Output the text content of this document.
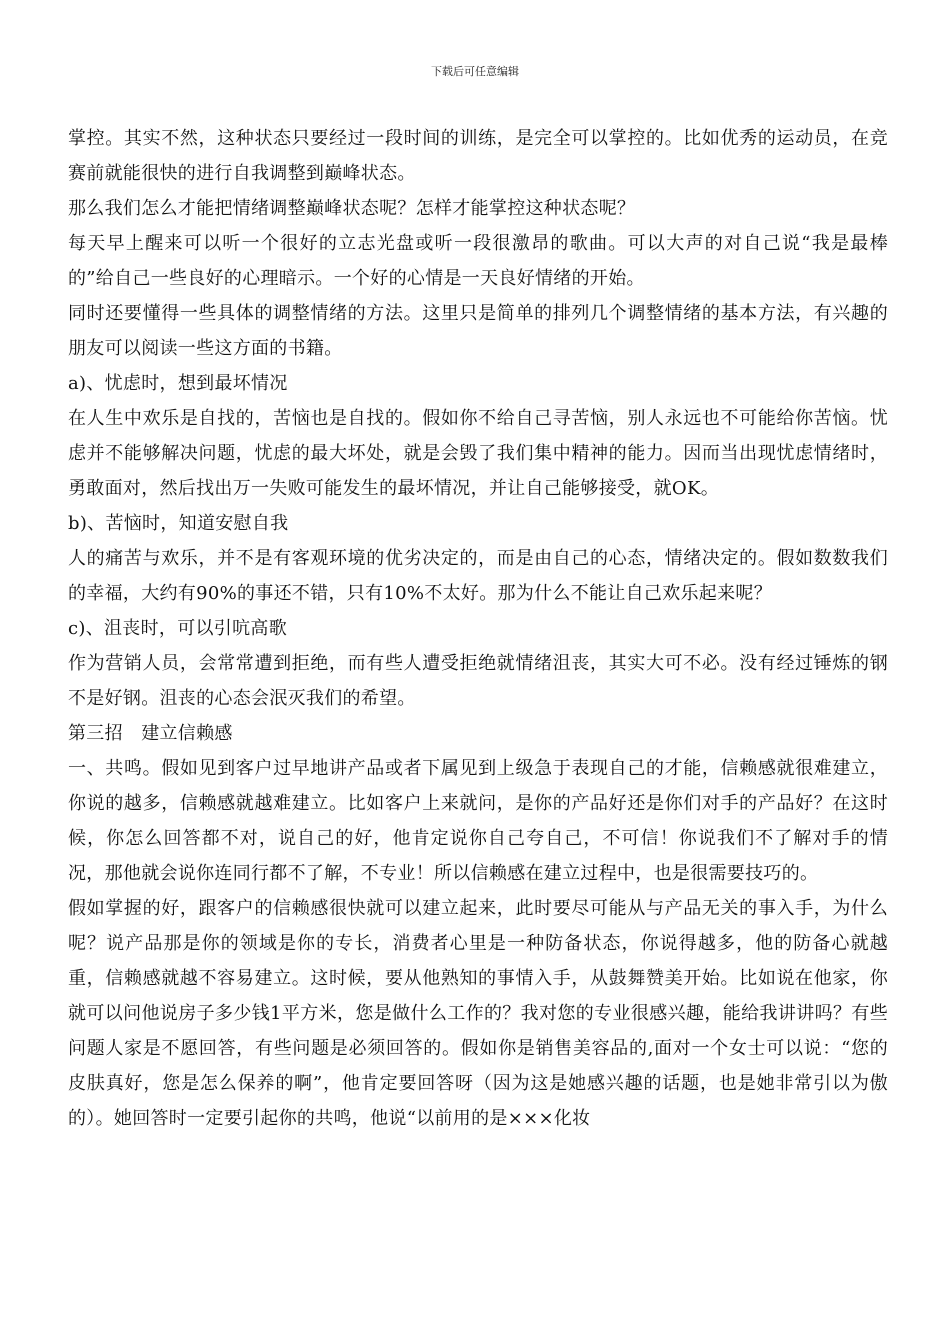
下载后可任意编辑

掌控。其实不然，这种状态只要经过一段时间的训练，是完全可以掌控的。比如优秀的运动员，在竞赛前就能很快的进行自我调整到巅峰状态。

那么我们怎么才能把情绪调整巅峰状态呢？怎样才能掌控这种状态呢？

每天早上醒来可以听一个很好的立志光盘或听一段很激昂的歌曲。可以大声的对自己说“我是最棒的”给自己一些良好的心理暗示。一个好的心情是一天良好情绪的开始。

同时还要懂得一些具体的调整情绪的方法。这里只是简单的排列几个调整情绪的基本方法，有兴趣的朋友可以阅读一些这方面的书籍。

a)、忧虑时，想到最坏情况

在人生中欢乐是自找的，苦恼也是自找的。假如你不给自己寻苦恼，别人永远也不可能给你苦恼。忧虑并不能够解决问题，忧虑的最大坏处，就是会毁了我们集中精神的能力。因而当出现忧虑情绪时，勇敢面对，然后找出万一失败可能发生的最坏情况，并让自己能够接受，就OK。

b)、苦恼时，知道安慰自我

人的痛苦与欢乐，并不是有客观环境的优劣决定的，而是由自己的心态，情绪决定的。假如数数我们的幸福，大约有90%的事还不错，只有10%不太好。那为什么不能让自己欢乐起来呢？

c)、沮丧时，可以引吭高歌

作为营销人员，会常常遭到拒绝，而有些人遭受拒绝就情绪沮丧，其实大可不必。没有经过锤炼的钢不是好钢。沮丧的心态会泯灭我们的希望。

第三招　建立信赖感

一、共鸣。假如见到客户过早地讲产品或者下属见到上级急于表现自己的才能，信赖感就很难建立，你说的越多，信赖感就越难建立。比如客户上来就问，是你的产品好还是你们对手的产品好？在这时候，你怎么回答都不对，说自己的好，他肯定说你自己夸自己，不可信！你说我们不了解对手的情况，那他就会说你连同行都不了解，不专业！所以信赖感在建立过程中，也是很需要技巧的。

假如掌握的好，跟客户的信赖感很快就可以建立起来，此时要尽可能从与产品无关的事入手，为什么呢？说产品那是你的领域是你的专长，消费者心里是一种防备状态，你说得越多，他的防备心就越重，信赖感就越不容易建立。这时候，要从他熟知的事情入手，从鼓舞赞美开始。比如说在他家，你就可以问他说房子多少钱1平方米，您是做什么工作的？我对您的专业很感兴趣，能给我讲讲吗？有些问题人家是不愿回答，有些问题是必须回答的。假如你是销售美容品的,面对一个女士可以说：“您的皮肤真好，您是怎么保养的啊”，他肯定要回答呀（因为这是她感兴趣的话题，也是她非常引以为傲的）。她回答时一定要引起你的共鸣，他说“以前用的是×××化妆
